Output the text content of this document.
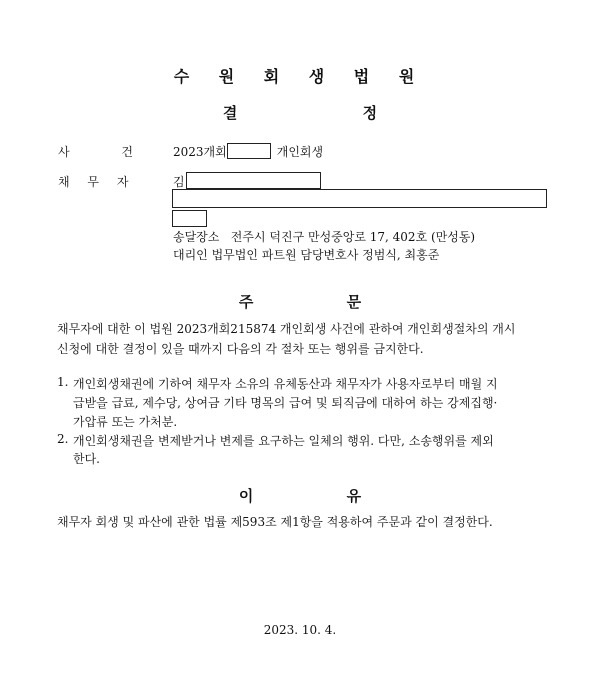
수 원 회 생 법 원
결 정
사 건	2023개회	개인회생
채 무 자	김
송달장소   전주시 덕진구 만성중앙로 17, 402호 (만성동)
대리인 법무법인 파트원 담당변호사 정범식, 최홍준
주 문
채무자에 대한 이 법원 2023개회215874 개인회생 사건에 관하여 개인회생절차의 개시
신청에 대한 결정이 있을 때까지 다음의 각 절차 또는 행위를 금지한다.
1. 개인회생채권에 기하여 채무자 소유의 유체동산과 채무자가 사용자로부터 매월 지
급받을 급료, 제수당, 상여금 기타 명목의 급여 및 퇴직금에 대하여 하는 강제집행·
가압류 또는 가처분.
2. 개인회생채권을 변제받거나 변제를 요구하는 일체의 행위. 다만, 소송행위를 제외
한다.
이 유
채무자 회생 및 파산에 관한 법률 제593조 제1항을 적용하여 주문과 같이 결정한다.
2023. 10. 4.
